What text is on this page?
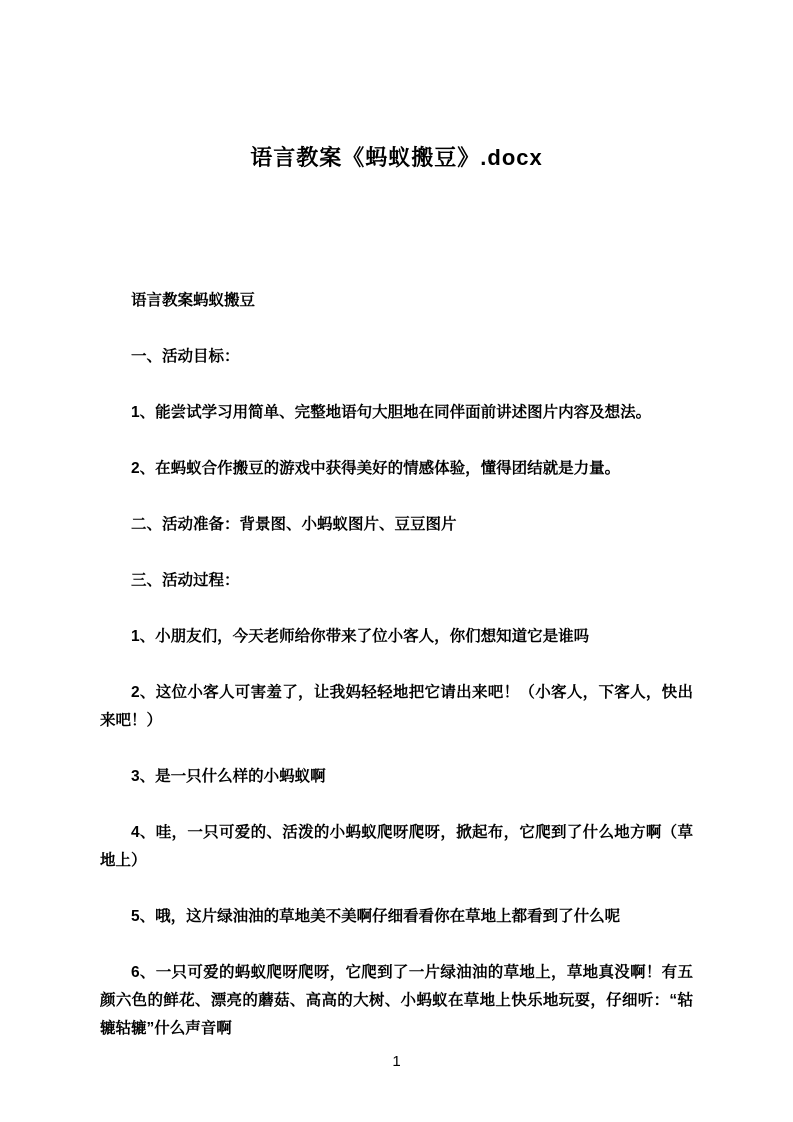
语言教案《蚂蚁搬豆》.docx

语言教案蚂蚁搬豆

一、活动目标：

1、能尝试学习用简单、完整地语句大胆地在同伴面前讲述图片内容及想法。

2、在蚂蚁合作搬豆的游戏中获得美好的情感体验，懂得团结就是力量。

二、活动准备：背景图、小蚂蚁图片、豆豆图片

三、活动过程：

1、小朋友们，今天老师给你带来了位小客人，你们想知道它是谁吗

2、这位小客人可害羞了，让我妈轻轻地把它请出来吧！（小客人，下客人，快出来吧！）

3、是一只什么样的小蚂蚁啊

4、哇，一只可爱的、活泼的小蚂蚁爬呀爬呀，掀起布，它爬到了什么地方啊（草地上）

5、哦，这片绿油油的草地美不美啊仔细看看你在草地上都看到了什么呢

6、一只可爱的蚂蚁爬呀爬呀，它爬到了一片绿油油的草地上，草地真没啊！有五颜六色的鲜花、漂亮的蘑菇、高高的大树、小蚂蚁在草地上快乐地玩耍，仔细听：“轱辘轱辘”什么声音啊

1
